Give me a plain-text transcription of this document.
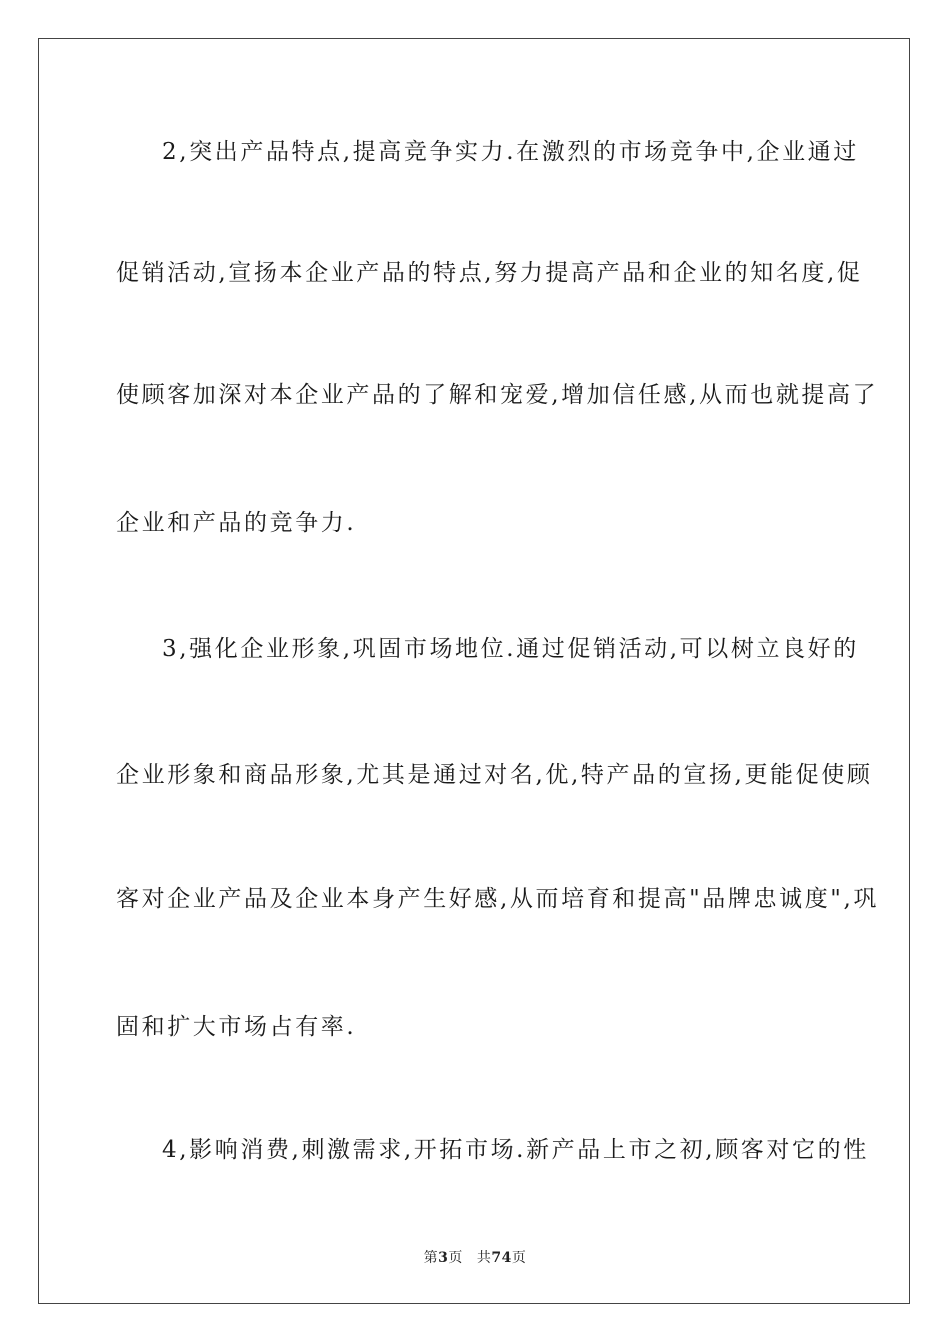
2,突出产品特点,提高竞争实力.在激烈的市场竞争中,企业通过
促销活动,宣扬本企业产品的特点,努力提高产品和企业的知名度,促
使顾客加深对本企业产品的了解和宠爱,增加信任感,从而也就提高了
企业和产品的竞争力.
3,强化企业形象,巩固市场地位.通过促销活动,可以树立良好的
企业形象和商品形象,尤其是通过对名,优,特产品的宣扬,更能促使顾
客对企业产品及企业本身产生好感,从而培育和提高"品牌忠诚度",巩
固和扩大市场占有率.
4,影响消费,刺激需求,开拓市场.新产品上市之初,顾客对它的性
第3页 共74页
